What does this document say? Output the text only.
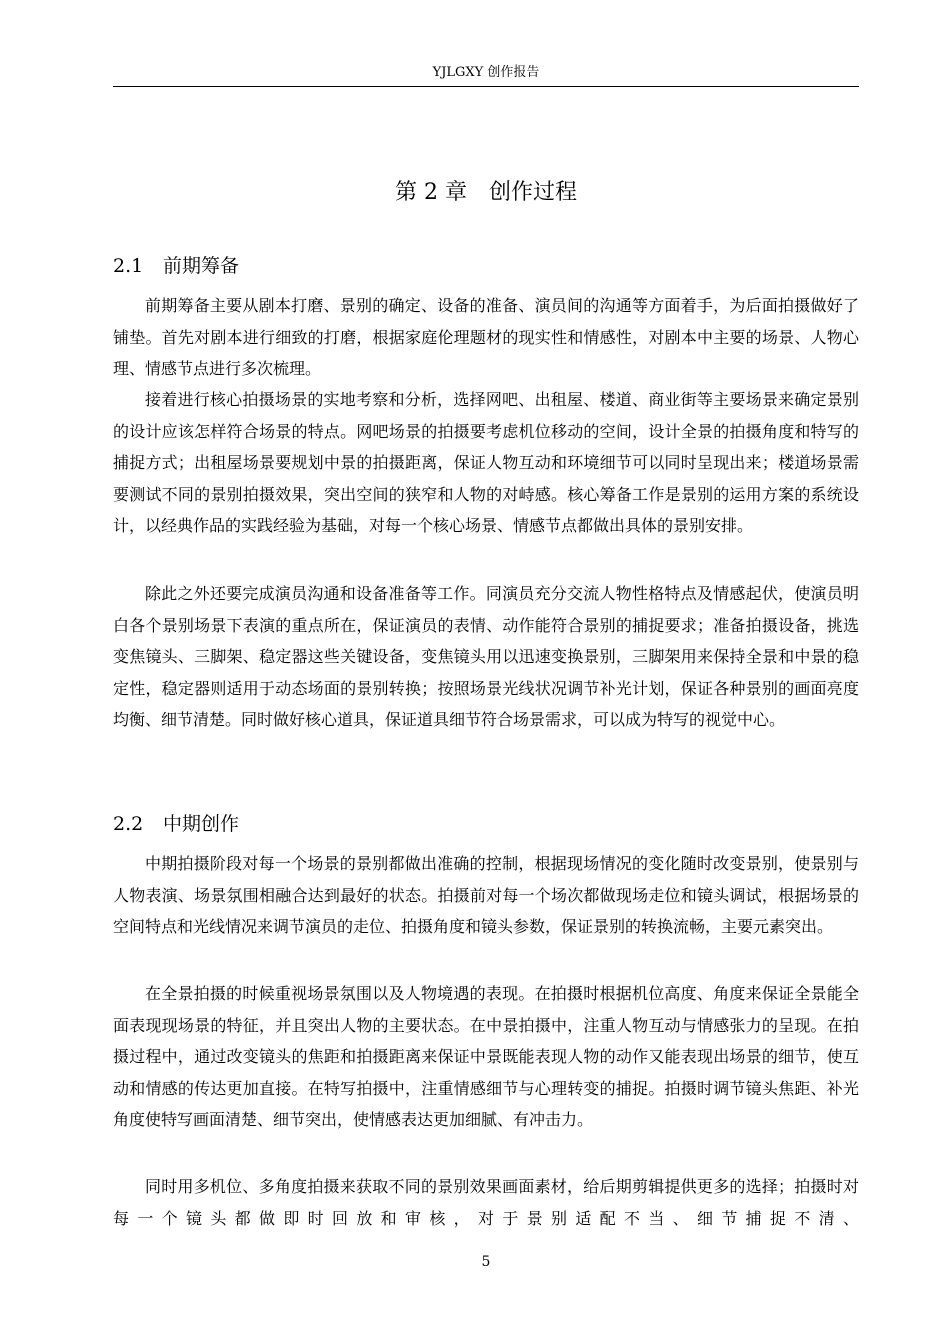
YJLGXY 创作报告
第 2 章　创作过程
2.1 前期筹备

前期筹备主要从剧本打磨、景别的确定、设备的准备、演员间的沟通等方面着手，为后面拍摄做好了铺垫。首先对剧本进行细致的打磨，根据家庭伦理题材的现实性和情感性，对剧本中主要的场景、人物心理、情感节点进行多次梳理。

接着进行核心拍摄场景的实地考察和分析，选择网吧、出租屋、楼道、商业街等主要场景来确定景别的设计应该怎样符合场景的特点。网吧场景的拍摄要考虑机位移动的空间，设计全景的拍摄角度和特写的捕捉方式；出租屋场景要规划中景的拍摄距离，保证人物互动和环境细节可以同时呈现出来；楼道场景需要测试不同的景别拍摄效果，突出空间的狭窄和人物的对峙感。核心筹备工作是景别的运用方案的系统设计，以经典作品的实践经验为基础，对每一个核心场景、情感节点都做出具体的景别安排。

除此之外还要完成演员沟通和设备准备等工作。同演员充分交流人物性格特点及情感起伏，使演员明白各个景别场景下表演的重点所在，保证演员的表情、动作能符合景别的捕捉要求；准备拍摄设备，挑选变焦镜头、三脚架、稳定器这些关键设备，变焦镜头用以迅速变换景别，三脚架用来保持全景和中景的稳定性，稳定器则适用于动态场面的景别转换；按照场景光线状况调节补光计划，保证各种景别的画面亮度均衡、细节清楚。同时做好核心道具，保证道具细节符合场景需求，可以成为特写的视觉中心。

2.2 中期创作

中期拍摄阶段对每一个场景的景别都做出准确的控制，根据现场情况的变化随时改变景别，使景别与人物表演、场景氛围相融合达到最好的状态。拍摄前对每一个场次都做现场走位和镜头调试，根据场景的空间特点和光线情况来调节演员的走位、拍摄角度和镜头参数，保证景别的转换流畅，主要元素突出。

在全景拍摄的时候重视场景氛围以及人物境遇的表现。在拍摄时根据机位高度、角度来保证全景能全面表现现场景的特征，并且突出人物的主要状态。在中景拍摄中，注重人物互动与情感张力的呈现。在拍摄过程中，通过改变镜头的焦距和拍摄距离来保证中景既能表现人物的动作又能表现出场景的细节，使互动和情感的传达更加直接。在特写拍摄中，注重情感细节与心理转变的捕捉。拍摄时调节镜头焦距、补光角度使特写画面清楚、细节突出，使情感表达更加细腻、有冲击力。

同时用多机位、多角度拍摄来获取不同的景别效果画面素材，给后期剪辑提供更多的选择；拍摄时对每一个镜头都做即时回放和审核，对于景别适配不当、细节捕捉不清、

5
